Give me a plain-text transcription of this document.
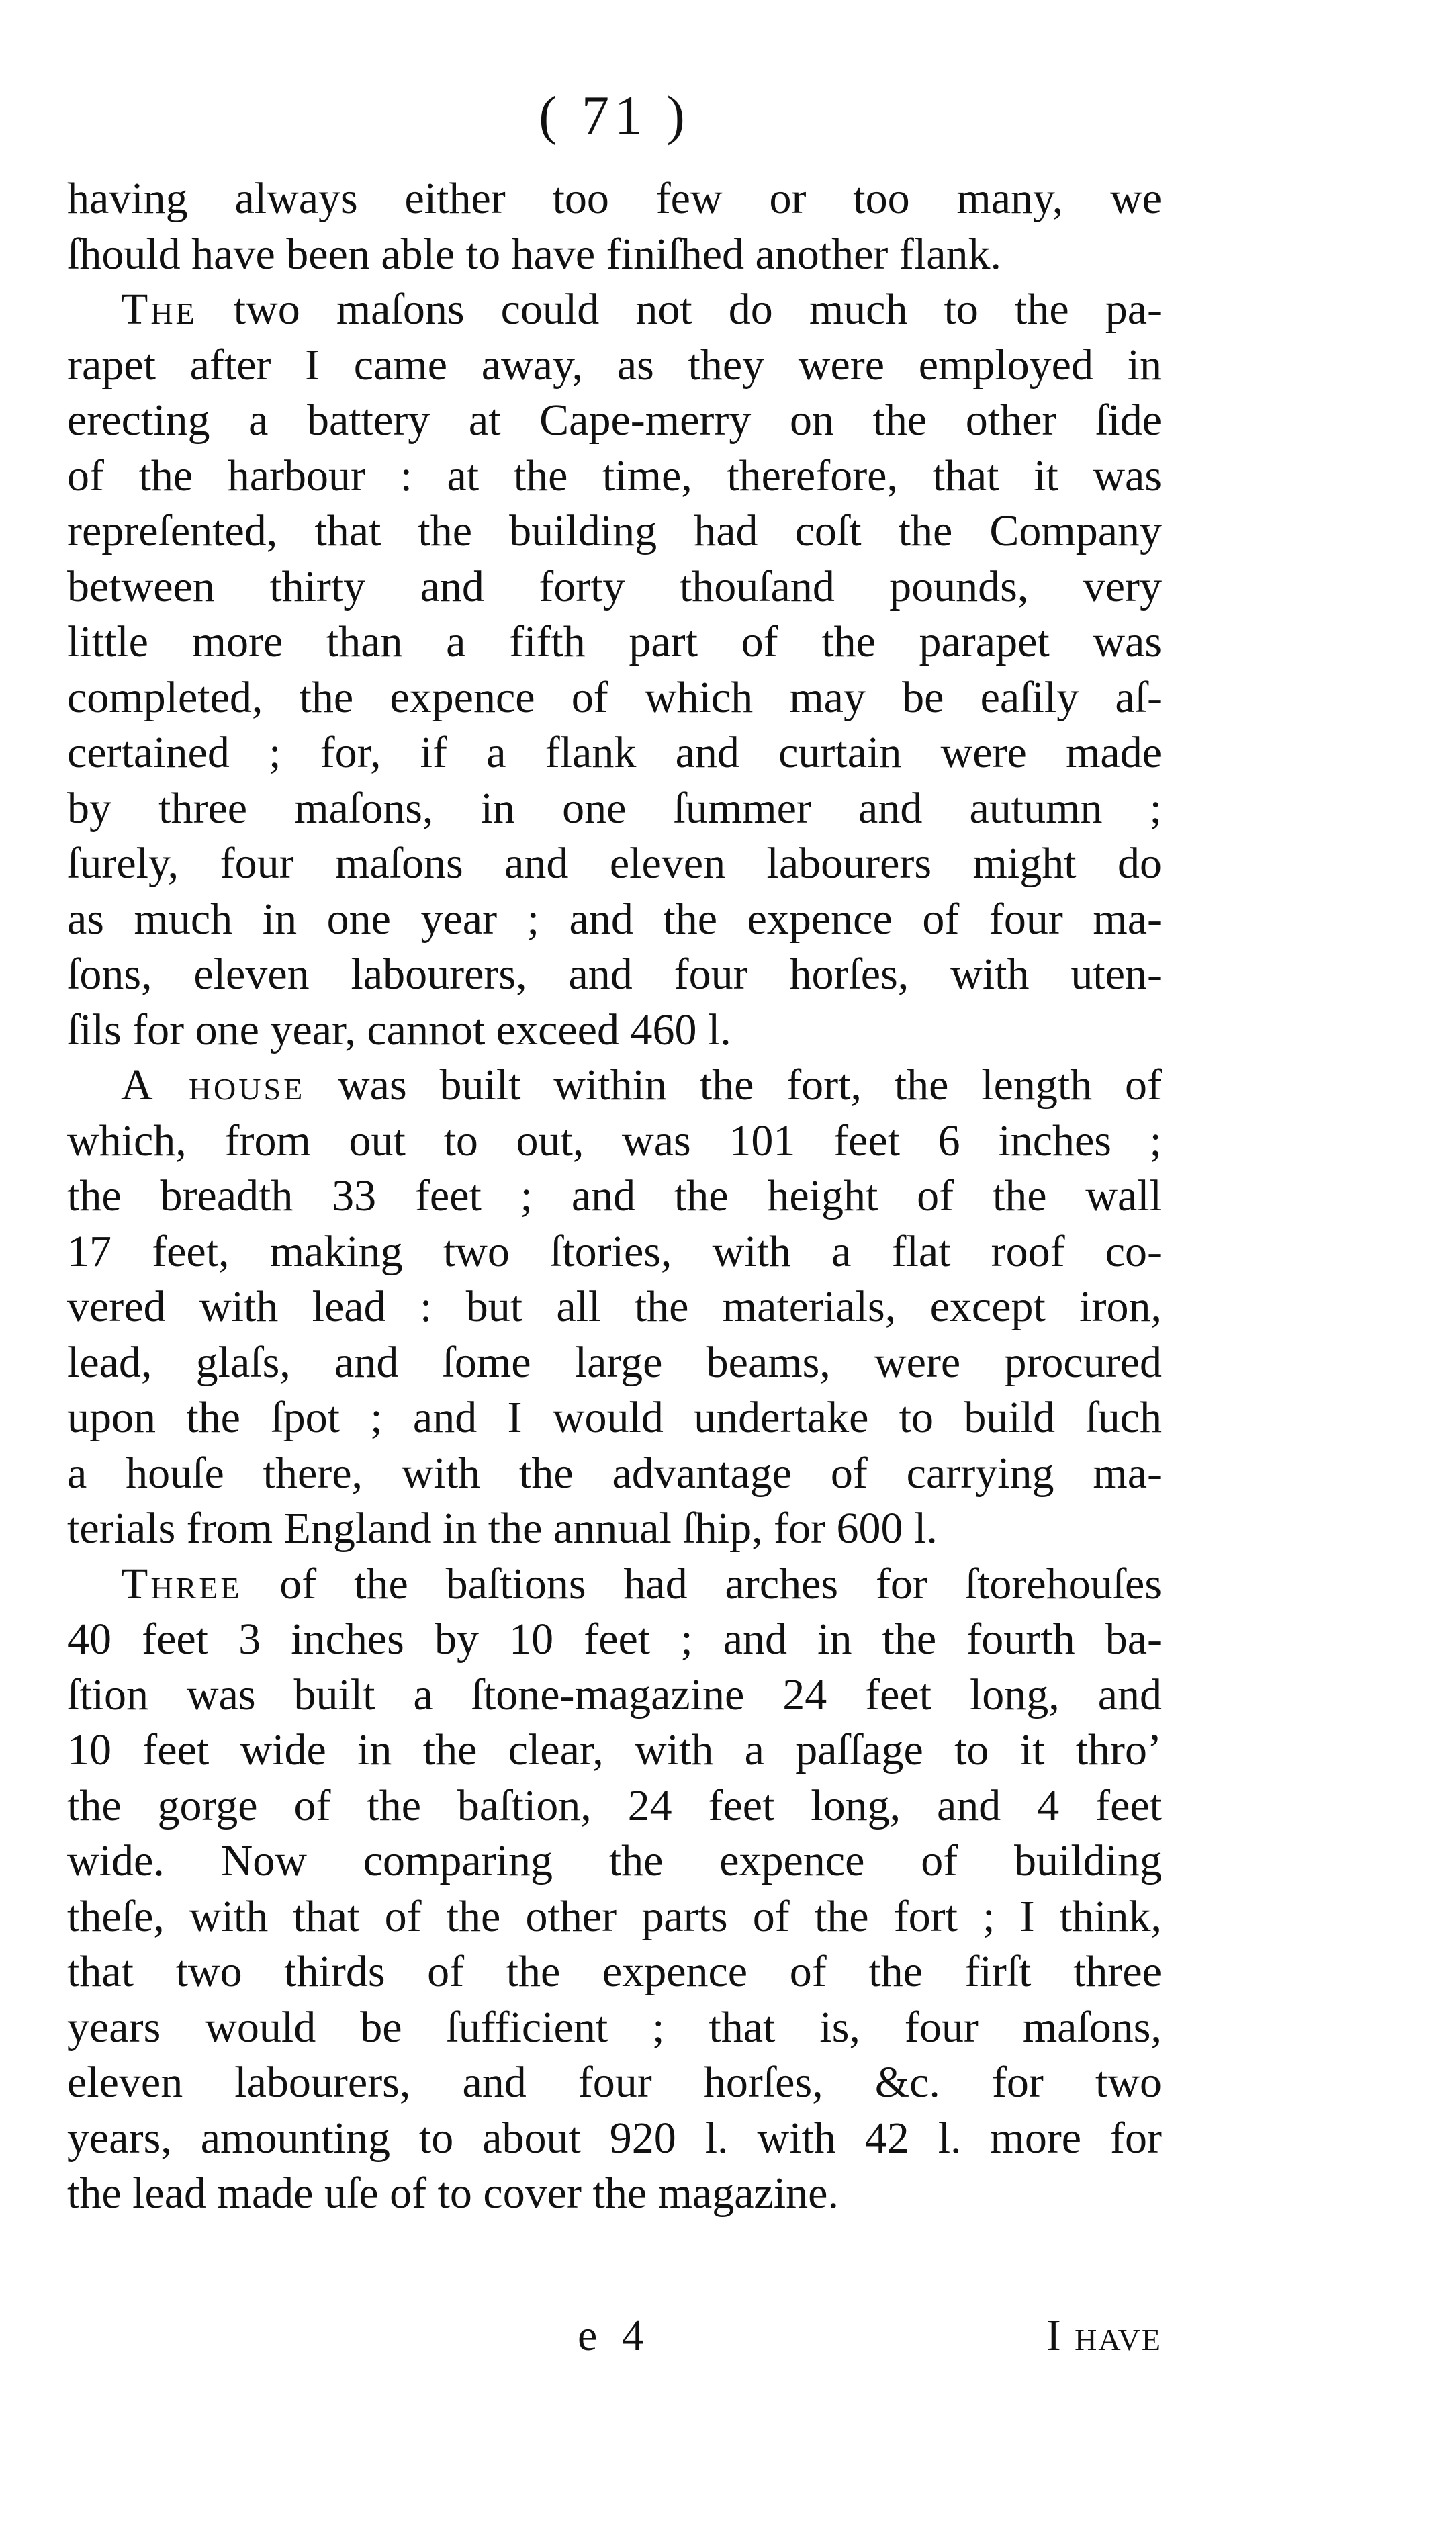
( 71 )
having always either too few or too many, we
ſhould have been able to have finiſhed another flank.
The two maſons could not do much to the pa-
rapet after I came away, as they were employed in
erecting a battery at Cape-merry on the other ſide
of the harbour : at the time, therefore, that it was
repreſented, that the building had coſt the Company
between thirty and forty thouſand pounds, very
little more than a fifth part of the parapet was
completed, the expence of which may be eaſily aſ-
certained ; for, if a flank and curtain were made
by three maſons, in one ſummer and autumn ;
ſurely, four maſons and eleven labourers might do
as much in one year ; and the expence of four ma-
ſons, eleven labourers, and four horſes, with uten-
ſils for one year, cannot exceed 460 l.
A house was built within the fort, the length of
which, from out to out, was 101 feet 6 inches ;
the breadth 33 feet ; and the height of the wall
17 feet, making two ſtories, with a flat roof co-
vered with lead : but all the materials, except iron,
lead, glaſs, and ſome large beams, were procured
upon the ſpot ; and I would undertake to build ſuch
a houſe there, with the advantage of carrying ma-
terials from England in the annual ſhip, for 600 l.
Three of the baſtions had arches for ſtorehouſes
40 feet 3 inches by 10 feet ; and in the fourth ba-
ſtion was built a ſtone-magazine 24 feet long, and
10 feet wide in the clear, with a paſſage to it thro’
the gorge of the baſtion, 24 feet long, and 4 feet
wide. Now comparing the expence of building
theſe, with that of the other parts of the fort ; I think,
that two thirds of the expence of the firſt three
years would be ſufficient ; that is, four maſons,
eleven labourers, and four horſes, &c. for two
years, amounting to about 920 l. with 42 l. more for
the lead made uſe of to cover the magazine.
e 4	I have
